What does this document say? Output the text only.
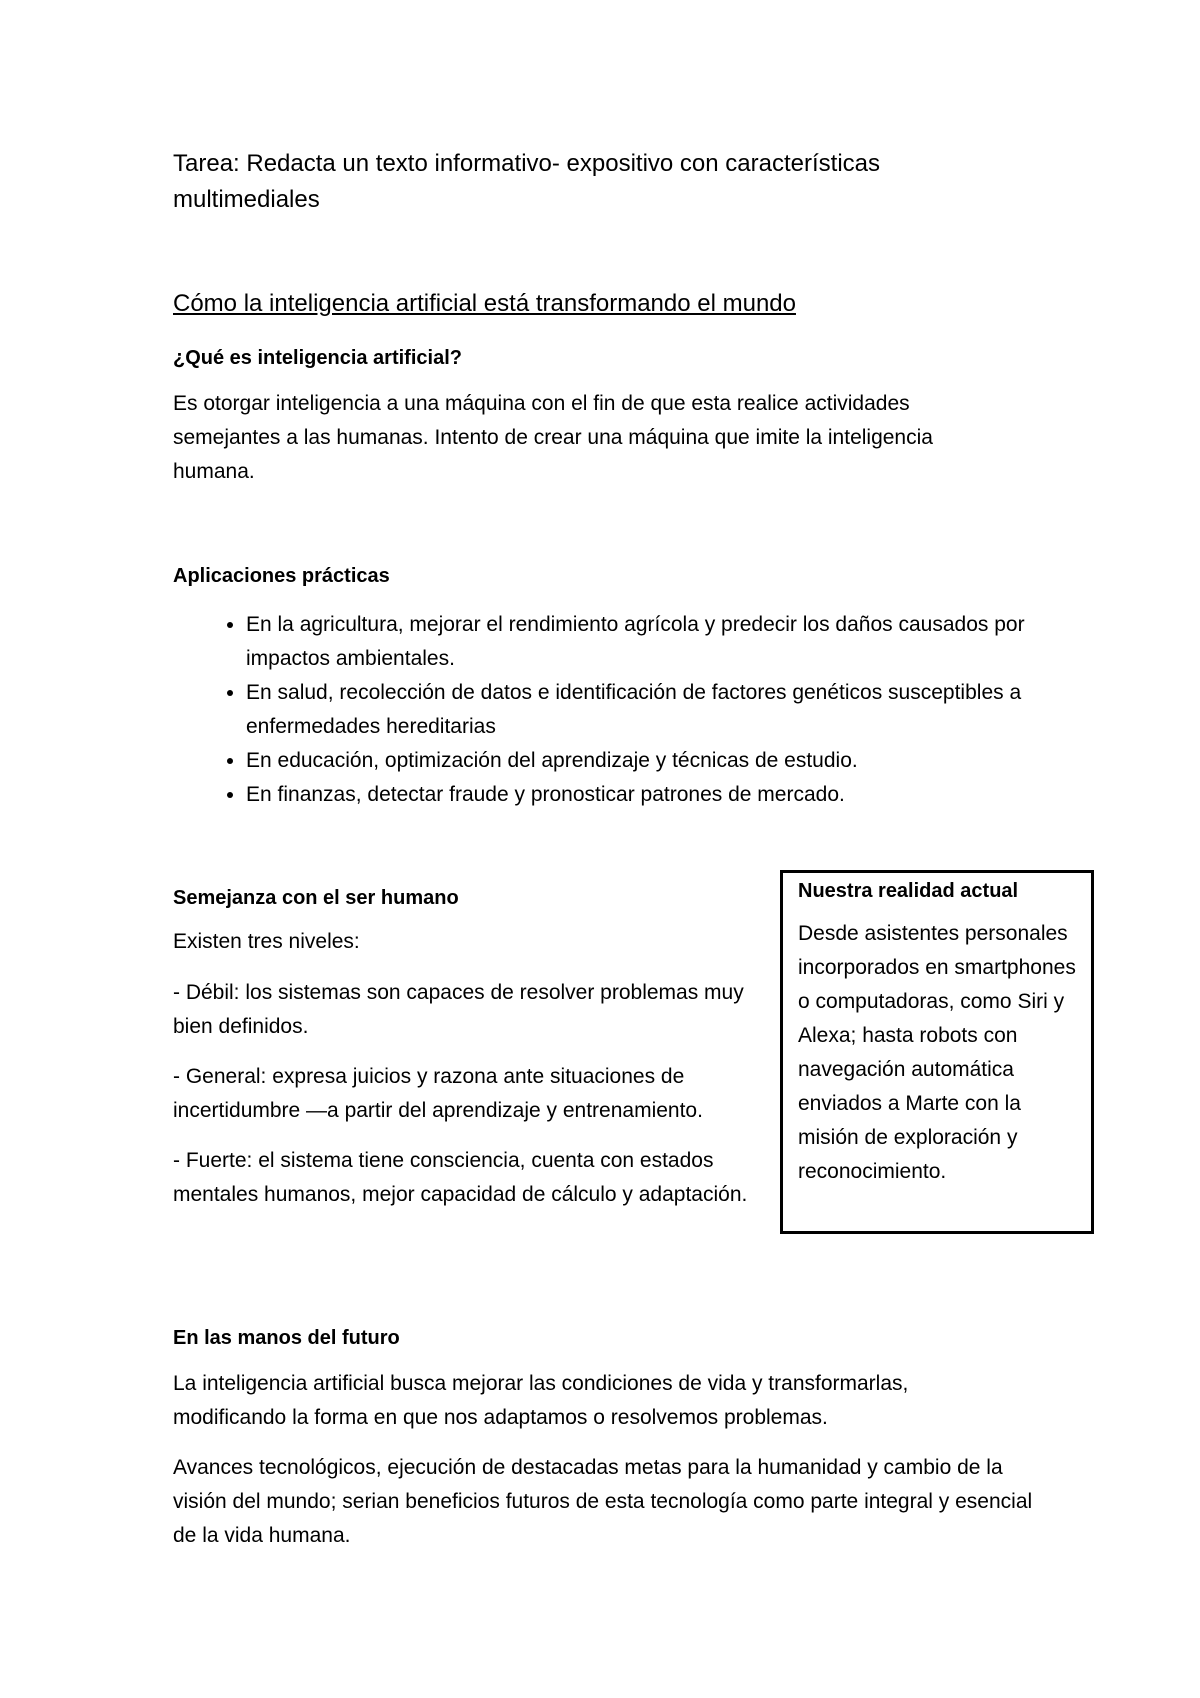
Tarea: Redacta un texto informativo- expositivo con características multimediales
Cómo la inteligencia artificial está transformando el mundo
¿Qué es inteligencia artificial?

Es otorgar inteligencia a una máquina con el fin de que esta realice actividades semejantes a las humanas. Intento de crear una máquina que imite la inteligencia humana.

Aplicaciones prácticas
• En la agricultura, mejorar el rendimiento agrícola y predecir los daños causados por impactos ambientales.
• En salud, recolección de datos e identificación de factores genéticos susceptibles a enfermedades hereditarias
• En educación, optimización del aprendizaje y técnicas de estudio.
• En finanzas, detectar fraude y pronosticar patrones de mercado.
Semejanza con el ser humano

Existen tres niveles:

- Débil: los sistemas son capaces de resolver problemas muy bien definidos.

- General: expresa juicios y razona ante situaciones de incertidumbre —a partir del aprendizaje y entrenamiento.

- Fuerte: el sistema tiene consciencia, cuenta con estados mentales humanos, mejor capacidad de cálculo y adaptación.

Nuestra realidad actual

Desde asistentes personales incorporados en smartphones o computadoras, como Siri y Alexa; hasta robots con navegación automática enviados a Marte con la misión de exploración y reconocimiento.

En las manos del futuro

La inteligencia artificial busca mejorar las condiciones de vida y transformarlas, modificando la forma en que nos adaptamos o resolvemos problemas.

Avances tecnológicos, ejecución de destacadas metas para la humanidad y cambio de la visión del mundo; serian beneficios futuros de esta tecnología como parte integral y esencial de la vida humana.
